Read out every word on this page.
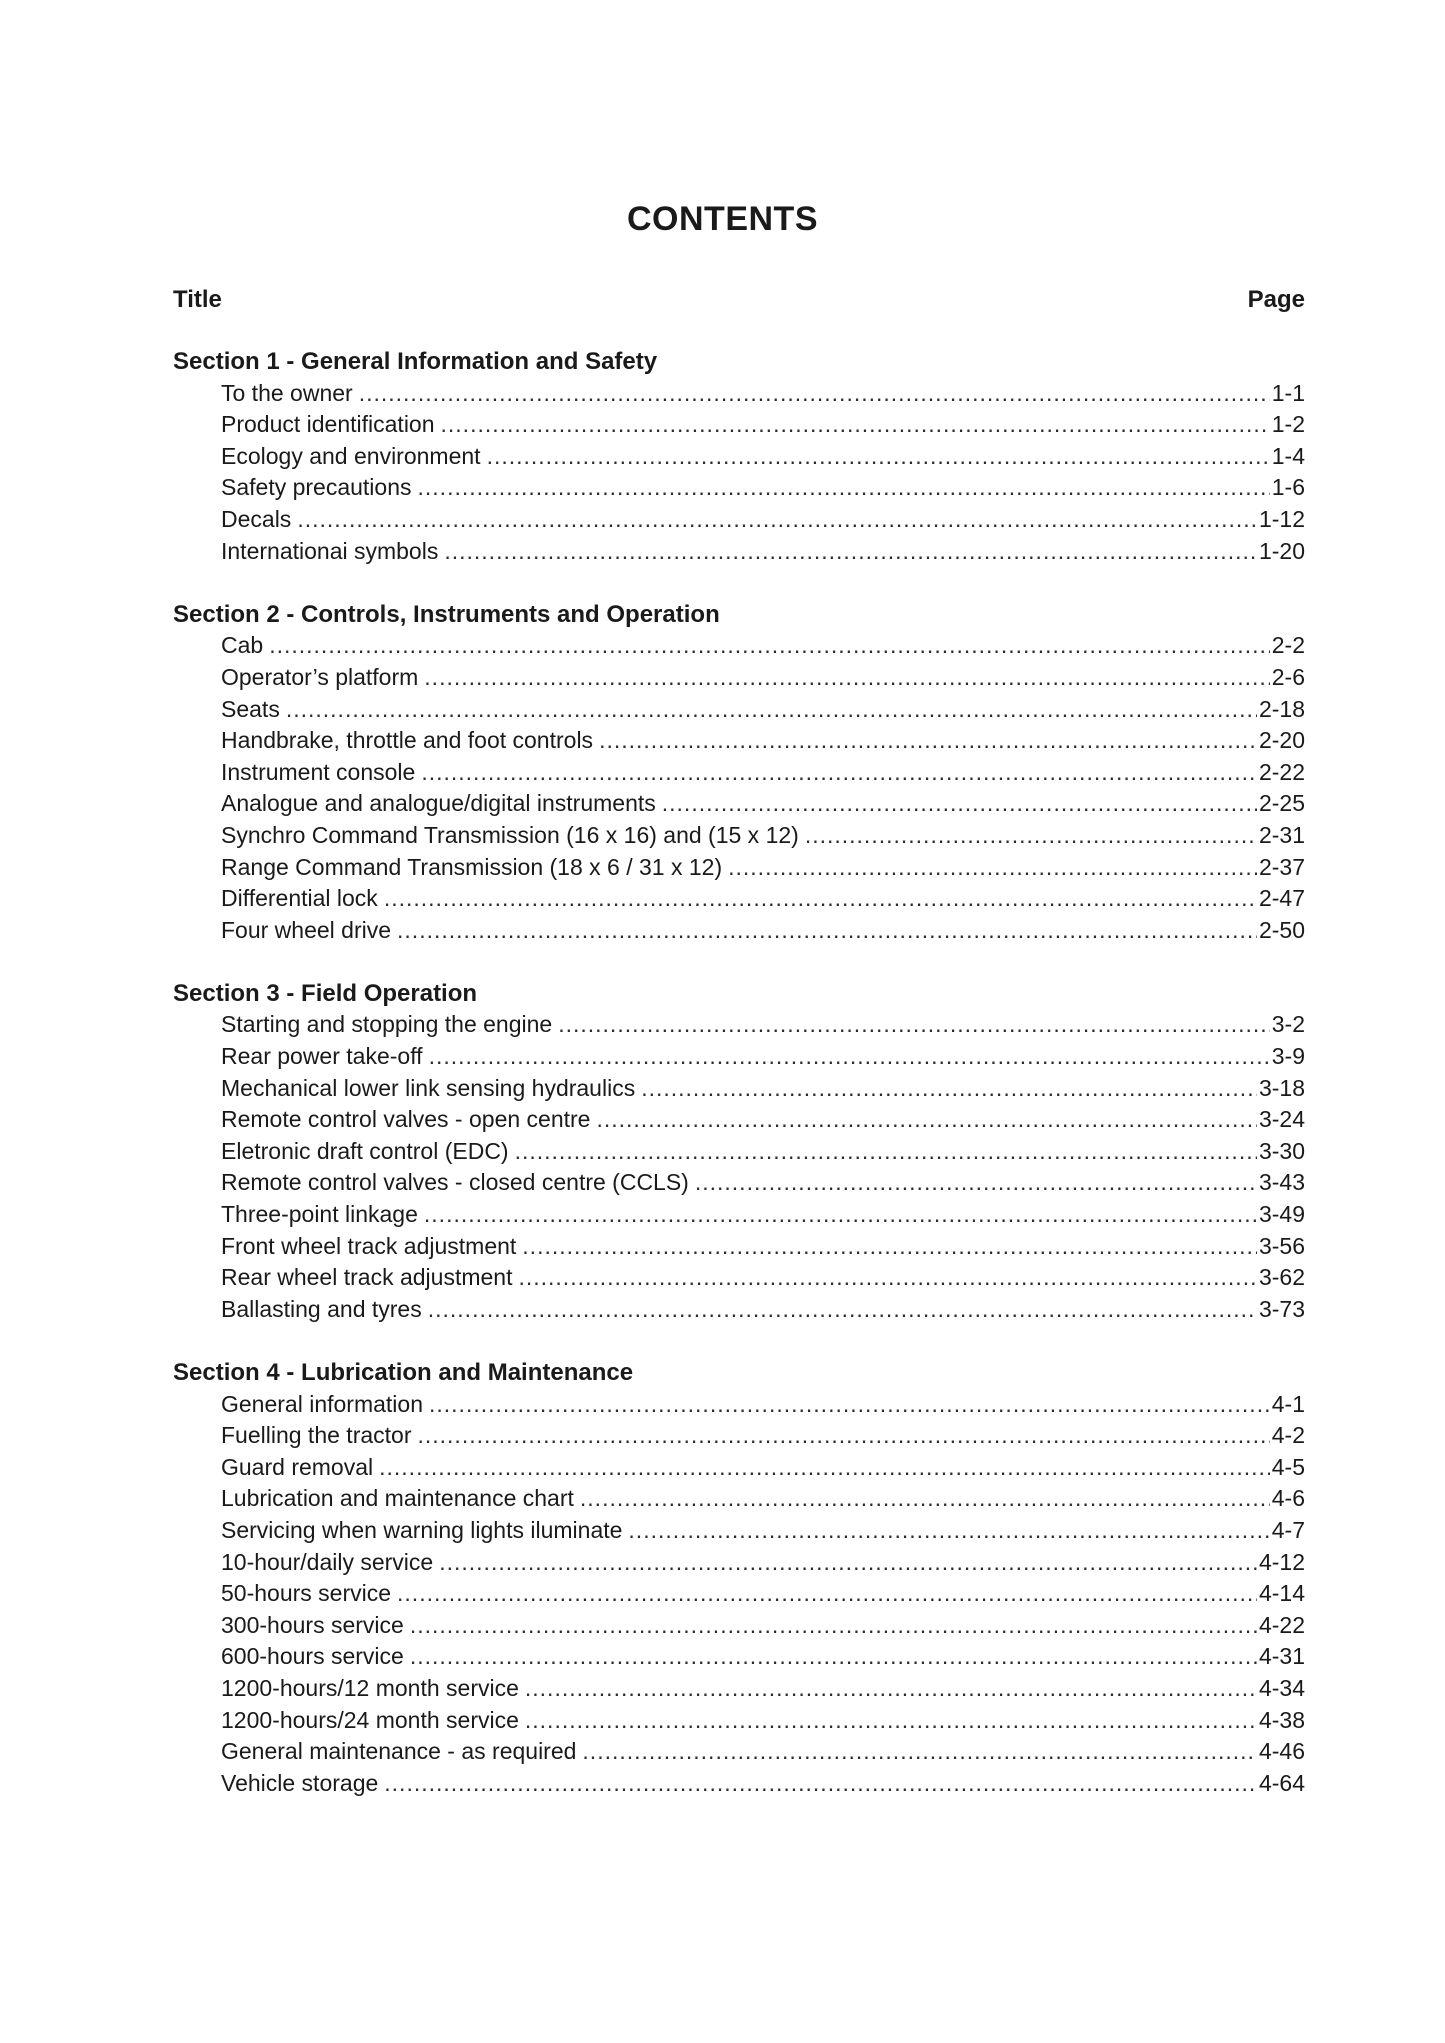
CONTENTS
Title	Page
Section 1 - General Information and Safety
To the owner .....	1-1
Product identification .....	1-2
Ecology and environment .....	1-4
Safety precautions .....	1-6
Decals .....	1-12
Internationai symbols .....	1-20
Section 2 - Controls, Instruments and Operation
Cab .....	2-2
Operator’s platform .....	2-6
Seats .....	2-18
Handbrake, throttle and foot controls .....	2-20
Instrument console .....	2-22
Analogue and analogue/digital instruments .....	2-25
Synchro Command Transmission (16 x 16) and (15 x 12) .....	2-31
Range Command Transmission (18 x 6 / 31 x 12) .....	2-37
Differential lock .....	2-47
Four wheel drive .....	2-50
Section 3 - Field Operation
Starting and stopping the engine .....	3-2
Rear power take-off .....	3-9
Mechanical lower link sensing hydraulics .....	3-18
Remote control valves - open centre .....	3-24
Eletronic draft control (EDC) .....	3-30
Remote control valves - closed centre (CCLS) .....	3-43
Three-point linkage .....	3-49
Front wheel track adjustment .....	3-56
Rear wheel track adjustment .....	3-62
Ballasting and tyres .....	3-73
Section 4 - Lubrication and Maintenance
General information .....	4-1
Fuelling the tractor .....	4-2
Guard removal .....	4-5
Lubrication and maintenance chart .....	4-6
Servicing when warning lights iluminate .....	4-7
10-hour/daily service .....	4-12
50-hours service .....	4-14
300-hours service .....	4-22
600-hours service .....	4-31
1200-hours/12 month service .....	4-34
1200-hours/24 month service .....	4-38
General maintenance - as required .....	4-46
Vehicle storage .....	4-64
